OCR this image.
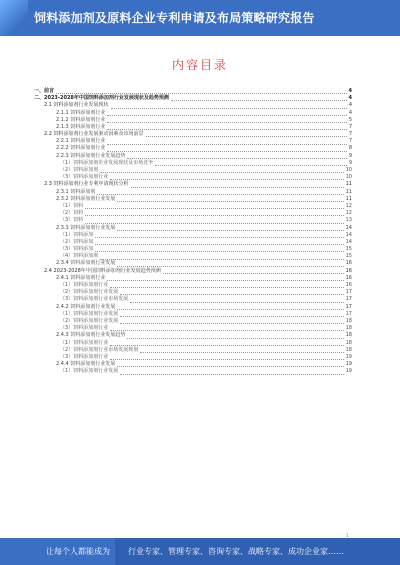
饲料添加剂及原料企业专利申请及布局策略研究报告
内容目录
一、前言	4
二、2023-2028年中国饲料添加剂行业发展现状及趋势预测	4
2.1 饲料添加剂行业发展现状	4
2.1.1 饲料添加剂行业	4
2.1.2 饲料添加剂行业	5
2.1.3 饲料添加剂行业	7
2.2 饲料添加剂行业发展驱动因素及市场前景	7
2.2.1 饲料添加剂行业	7
2.2.2 饲料添加剂行业	8
2.2.3 饲料添加剂行业发展趋势	9
（1）饲料添加剂企业发展现状及市场竞争	9
（2）饲料添加剂	10
（3）饲料添加剂行业	10
2.3 饲料添加剂行业专利申请现状分析	11
2.3.1 饲料添加剂	11
2.3.2 饲料添加剂行业发展	11
（1）饲料	12
（2）饲料	12
（3）饲料	13
2.3.3 饲料添加剂行业发展	14
（1）饲料添加	14
（2）饲料添加	14
（3）饲料添加	15
（4）饲料添加剂	15
2.3.4 饲料添加剂行业发展	16
2.4 2023-2028年中国饲料添加剂行业发展趋势预测	16
2.4.1 饲料添加剂行业	16
（1）饲料添加剂行业	16
（2）饲料添加剂行业发展	17
（3）饲料添加剂行业市场发展	17
2.4.2 饲料添加剂行业发展	17
（1）饲料添加剂行业发展	17
（2）饲料添加剂行业发展	18
（3）饲料添加剂行业	18
2.4.3 饲料添加剂行业发展趋势	18
（1）饲料添加剂行业	18
（2）饲料添加剂行业市场发展规划	18
（3）饲料添加剂行业	19
2.4.4 饲料添加剂行业发展	19
（1）饲料添加剂行业发展	19
1
让每个人都能成为 行业专家、管理专家、咨询专家、战略专家、成功企业家……
